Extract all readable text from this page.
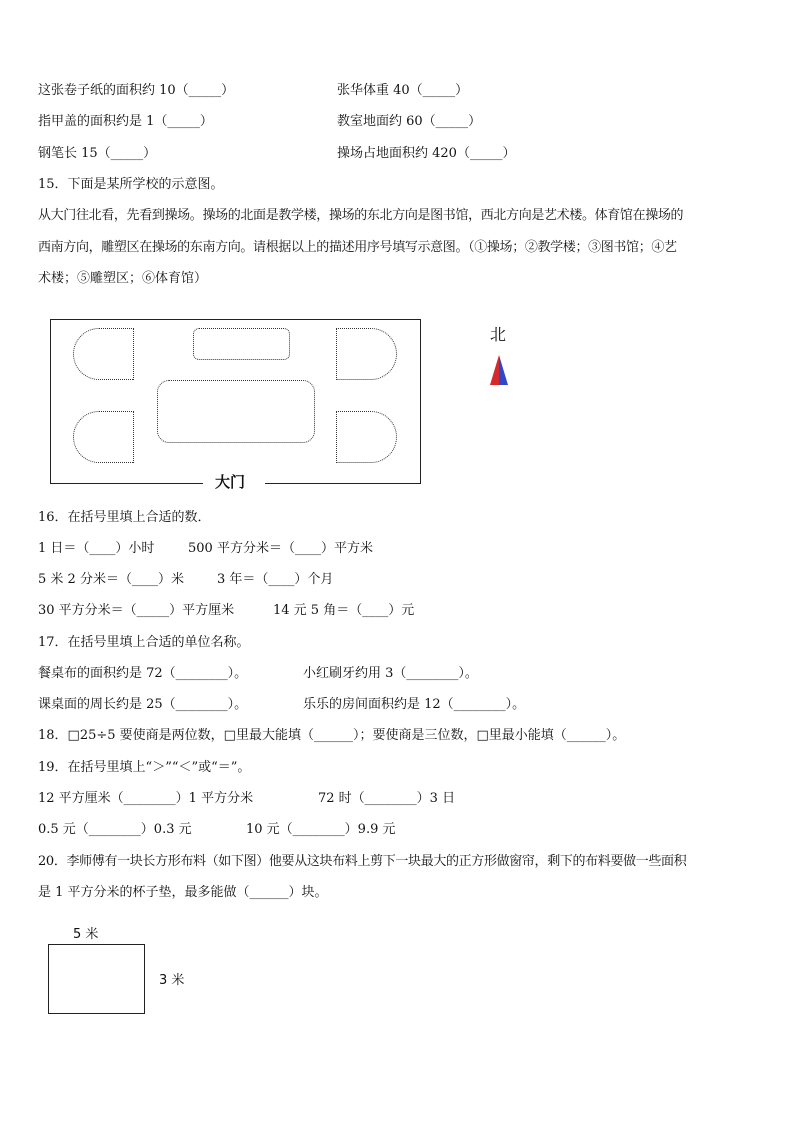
这张卷子纸的面积约 10（_____）	张华体重 40（_____）
指甲盖的面积约是 1（_____）	教室地面约 60（_____）
钢笔长 15（_____）	操场占地面积约 420（_____）
15．下面是某所学校的示意图。
从大门往北看，先看到操场。操场的北面是教学楼，操场的东北方向是图书馆，西北方向是艺术楼。体育馆在操场的
西南方向，雕塑区在操场的东南方向。请根据以上的描述用序号填写示意图。（①操场；②教学楼；③图书馆；④艺
术楼；⑤雕塑区；⑥体育馆）
大门
北
16．在括号里填上合适的数．
1 日＝（____）小时	500 平方分米＝（____）平方米
5 米 2 分米＝（____）米	3 年＝（____）个月
30 平方分米＝（_____）平方厘米	14 元 5 角＝（____）元
17．在括号里填上合适的单位名称。
餐桌布的面积约是 72（________）。	小红刷牙约用 3（________）。
课桌面的周长约是 25（________）。	乐乐的房间面积约是 12（________）。
18．□25÷5 要使商是两位数，□里最大能填（______）；要使商是三位数，□里最小能填（______）。
19．在括号里填上“＞”“＜”或“＝”。
12 平方厘米（________）1 平方分米	72 时（________）3 日
0.5 元（________）0.3 元	10 元（________）9.9 元
20．李师傅有一块长方形布料（如下图）他要从这块布料上剪下一块最大的正方形做窗帘，剩下的布料要做一些面积
是 1 平方分米的杯子垫，最多能做（______）块。
5 米
3 米
